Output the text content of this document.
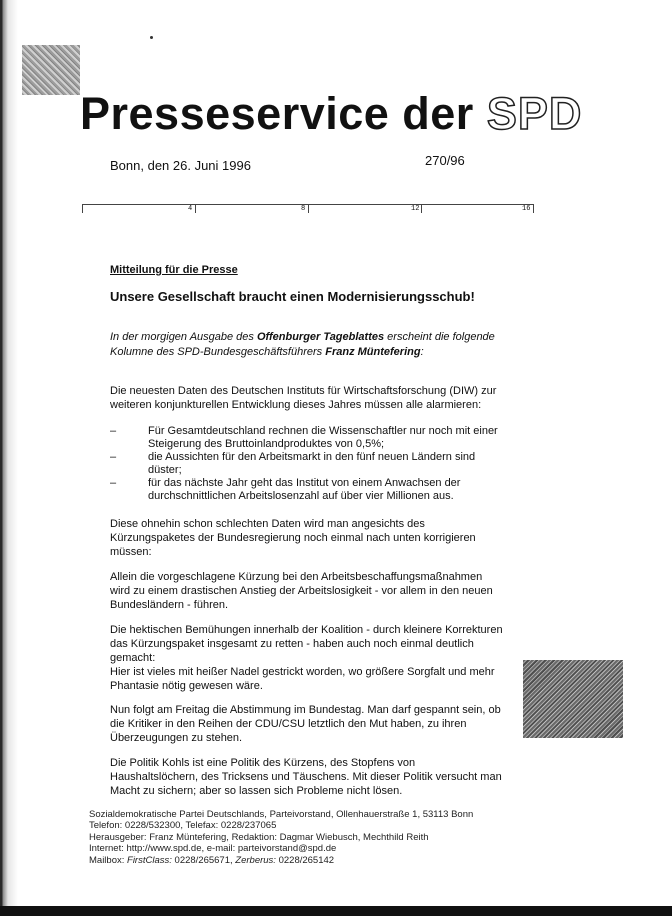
Presseservice der SPD
Bonn, den 26. Juni 1996	270/96
4	8	12	16
Mitteilung für die Presse
Unsere Gesellschaft braucht einen Modernisierungsschub!
In der morgigen Ausgabe des Offenburger Tageblattes erscheint die folgende Kolumne des SPD-Bundesgeschäftsführers Franz Müntefering:
Die neuesten Daten des Deutschen Instituts für Wirtschaftsforschung (DIW) zur
weiteren konjunkturellen Entwicklung dieses Jahres müssen alle alarmieren:
–	Für Gesamtdeutschland rechnen die Wissenschaftler nur noch mit einer
Steigerung des Bruttoinlandproduktes von 0,5%;
–	die Aussichten für den Arbeitsmarkt in den fünf neuen Ländern sind
düster;
–	für das nächste Jahr geht das Institut von einem Anwachsen der
durchschnittlichen Arbeitslosenzahl auf über vier Millionen aus.
Diese ohnehin schon schlechten Daten wird man angesichts des
Kürzungspaketes der Bundesregierung noch einmal nach unten korrigieren
müssen:
Allein die vorgeschlagene Kürzung bei den Arbeitsbeschaffungsmaßnahmen
wird zu einem drastischen Anstieg der Arbeitslosigkeit - vor allem in den neuen
Bundesländern - führen.
Die hektischen Bemühungen innerhalb der Koalition - durch kleinere Korrekturen
das Kürzungspaket insgesamt zu retten - haben auch noch einmal deutlich
gemacht:
Hier ist vieles mit heißer Nadel gestrickt worden, wo größere Sorgfalt und mehr
Phantasie nötig gewesen wäre.
Nun folgt am Freitag die Abstimmung im Bundestag. Man darf gespannt sein, ob
die Kritiker in den Reihen der CDU/CSU letztlich den Mut haben, zu ihren
Überzeugungen zu stehen.
Die Politik Kohls ist eine Politik des Kürzens, des Stopfens von
Haushaltslöchern, des Tricksens und Täuschens. Mit dieser Politik versucht man
Macht zu sichern; aber so lassen sich Probleme nicht lösen.
Sozialdemokratische Partei Deutschlands, Parteivorstand, Ollenhauerstraße 1, 53113 Bonn
Telefon: 0228/532300, Telefax: 0228/237065
Herausgeber: Franz Müntefering, Redaktion: Dagmar Wiebusch, Mechthild Reith
Internet: http://www.spd.de, e-mail: parteivorstand@spd.de
Mailbox: FirstClass: 0228/265671, Zerberus: 0228/265142
